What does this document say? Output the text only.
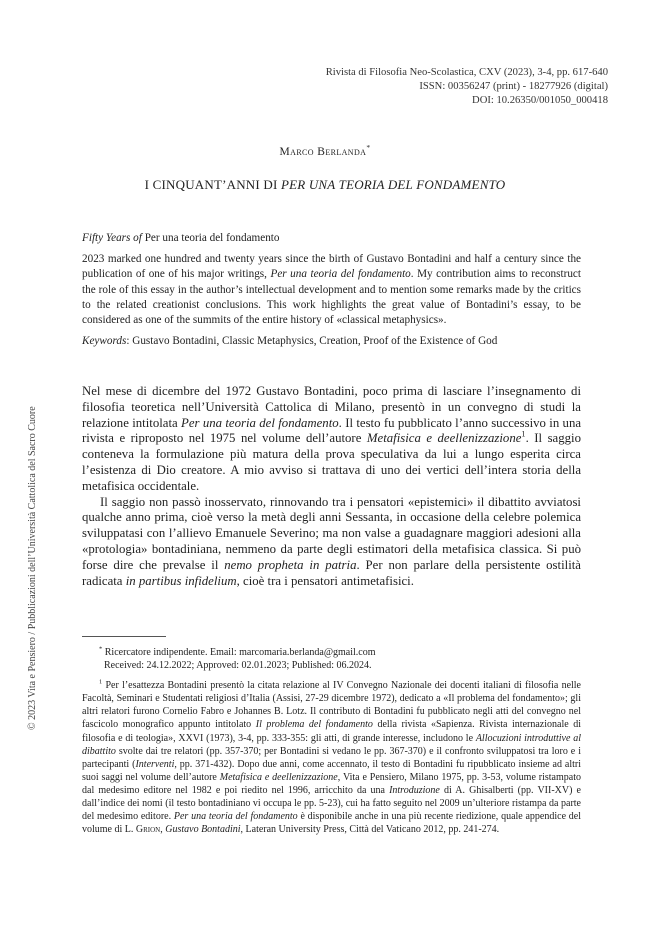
Rivista di Filosofia Neo-Scolastica, CXV (2023), 3-4, pp. 617-640
ISSN: 00356247 (print) - 18277926 (digital)
DOI: 10.26350/001050_000418
Marco Berlanda*
I CINQUANT’ANNI DI PER UNA TEORIA DEL FONDAMENTO

Fifty Years of Per una teoria del fondamento

2023 marked one hundred and twenty years since the birth of Gustavo Bontadini and half a century since the publication of one of his major writings, Per una teoria del fondamento. My contribution aims to reconstruct the role of this essay in the author’s intellectual development and to mention some remarks made by the critics to the related creationist conclusions. This work highlights the great value of Bontadini’s essay, to be considered as one of the summits of the entire history of «classical metaphysics».

Keywords: Gustavo Bontadini, Classic Metaphysics, Creation, Proof of the Existence of God

Nel mese di dicembre del 1972 Gustavo Bontadini, poco prima di lasciare l’insegnamento di filosofia teoretica nell’Università Cattolica di Milano, presentò in un convegno di studi la relazione intitolata Per una teoria del fondamento. Il testo fu pubblicato l’anno successivo in una rivista e riproposto nel 1975 nel volume dell’autore Metafisica e deellenizzazione$^1$. Il saggio conteneva la formulazione più matura della prova speculativa da lui a lungo esperita circa l’esistenza di Dio creatore. A mio avviso si trattava di uno dei vertici dell’intera storia della metafisica occidentale.

Il saggio non passò inosservato, rinnovando tra i pensatori «epistemici» il dibattito avviatosi qualche anno prima, cioè verso la metà degli anni Sessanta, in occasione della celebre polemica sviluppatasi con l’allievo Emanuele Severino; ma non valse a guadagnare maggiori adesioni alla «protologia» bontadiniana, nemmeno da parte degli estimatori della metafisica classica. Si può forse dire che prevalse il nemo propheta in patria. Per non parlare della persistente ostilità radicata in partibus infidelium, cioè tra i pensatori antimetafisici.

* Ricercatore indipendente. Email: marcomaria.berlanda@gmail.com

Received: 24.12.2022; Approved: 02.01.2023; Published: 06.2024.

$^1$ Per l’esattezza Bontadini presentò la citata relazione al IV Convegno Nazionale dei docenti italiani di filosofia nelle Facoltà, Seminari e Studentati religiosi d’Italia (Assisi, 27-29 dicembre 1972), dedicato a «Il problema del fondamento»; gli altri relatori furono Cornelio Fabro e Johannes B. Lotz. Il contributo di Bontadini fu pubblicato negli atti del convegno nel fascicolo monografico appunto intitolato Il problema del fondamento della rivista «Sapienza. Rivista internazionale di filosofia e di teologia», XXVI (1973), 3-4, pp. 333-355: gli atti, di grande interesse, includono le Allocuzioni introduttive al dibattito svolte dai tre relatori (pp. 357-370; per Bontadini si vedano le pp. 367-370) e il confronto sviluppatosi tra loro e i partecipanti (Interventi, pp. 371-432). Dopo due anni, come accennato, il testo di Bontadini fu ripubblicato insieme ad altri suoi saggi nel volume dell’autore Metafisica e deellenizzazione, Vita e Pensiero, Milano 1975, pp. 3-53, volume ristampato dal medesimo editore nel 1982 e poi riedito nel 1996, arricchito da una Introduzione di A. Ghisalberti (pp. VII-XV) e dall’indice dei nomi (il testo bontadiniano vi occupa le pp. 5-23), cui ha fatto seguito nel 2009 un’ulteriore ristampa da parte del medesimo editore. Per una teoria del fondamento è disponibile anche in una più recente riedizione, quale appendice del volume di L. Grion, Gustavo Bontadini, Lateran University Press, Città del Vaticano 2012, pp. 241-274.

© 2023 Vita e Pensiero / Pubblicazioni dell’Università Cattolica del Sacro Cuore
